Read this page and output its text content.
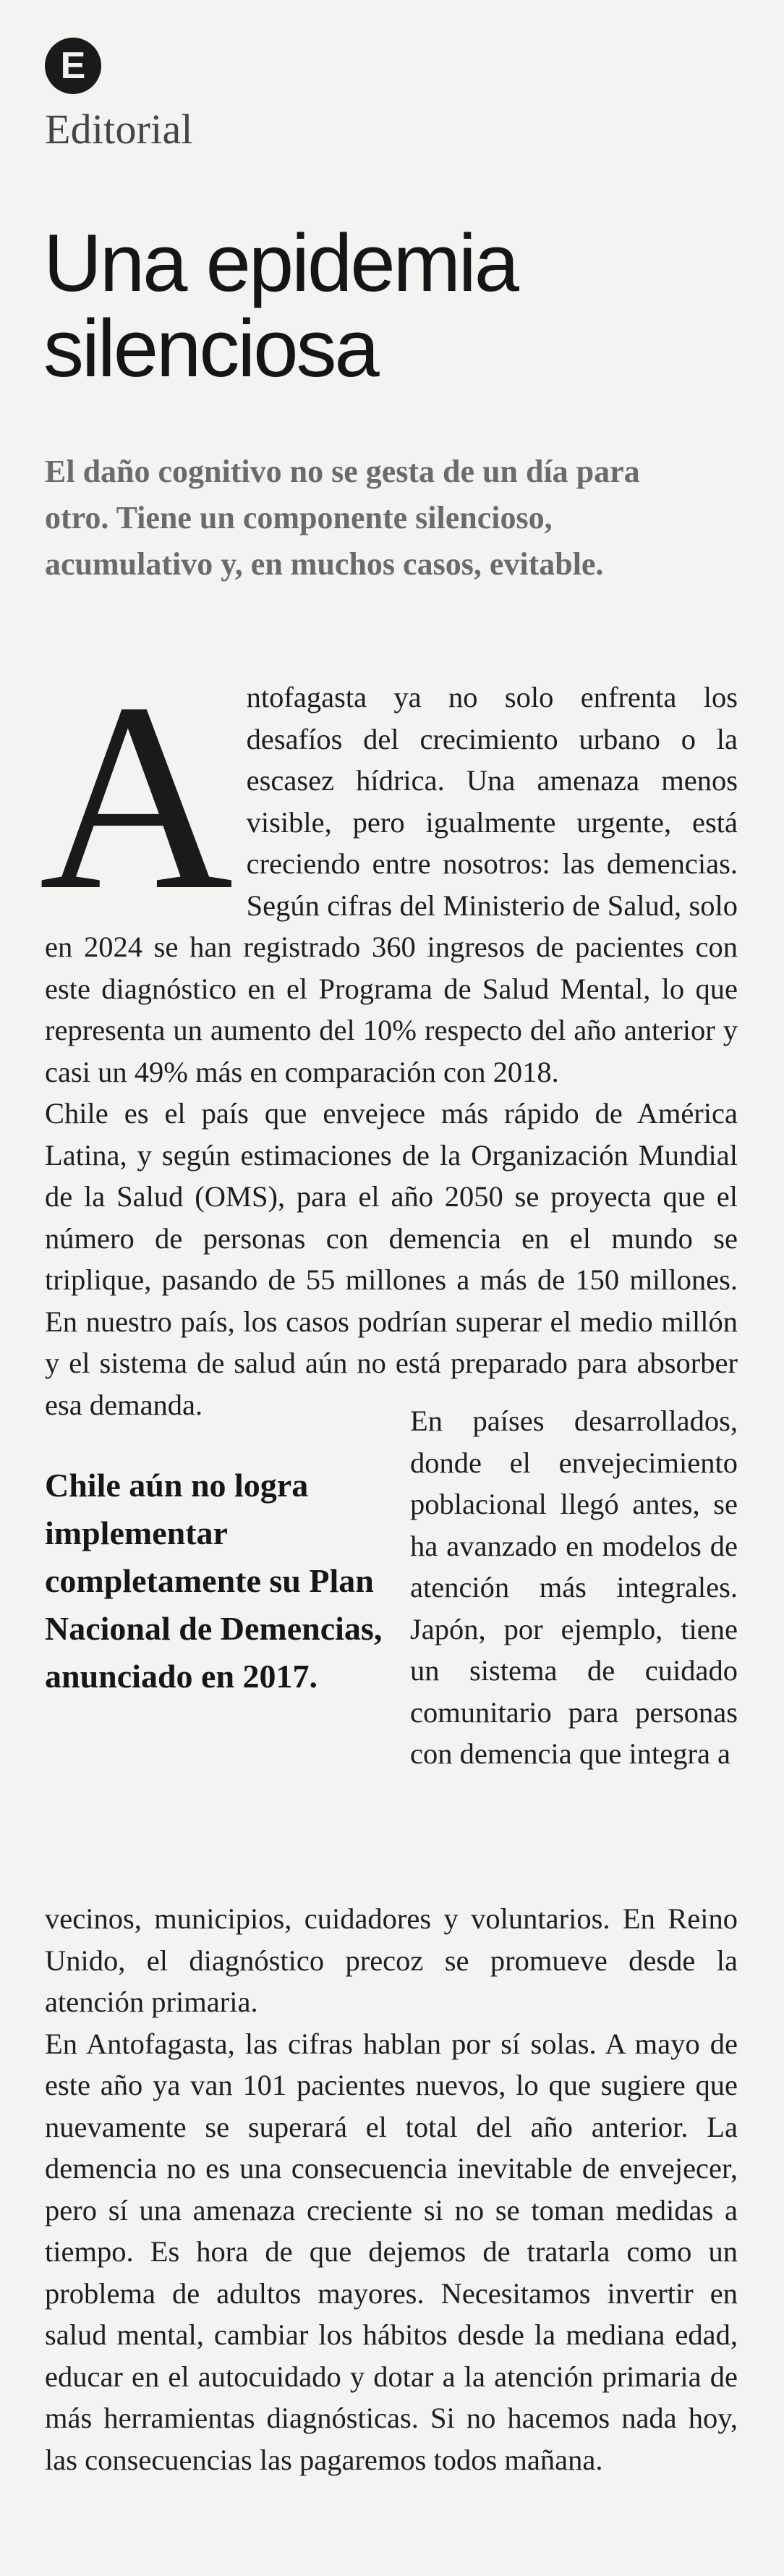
E
Editorial
Una epidemia silenciosa

El daño cognitivo no se gesta de un día para otro. Tiene un componente silencioso, acumulativo y, en muchos casos, evitable.

Antofagasta ya no solo enfrenta los desafíos del crecimiento urbano o la escasez hídrica. Una amenaza menos visible, pero igualmente urgente, está creciendo entre nosotros: las demencias. Según cifras del Ministerio de Salud, solo en 2024 se han registrado 360 ingresos de pacientes con este diagnóstico en el Programa de Salud Mental, lo que representa un aumento del 10% respecto del año anterior y casi un 49% más en comparación con 2018.

Chile es el país que envejece más rápido de América Latina, y según estimaciones de la Organización Mundial de la Salud (OMS), para el año 2050 se proyecta que el número de personas con demencia en el mundo se triplique, pasando de 55 millones a más de 150 millones. En nuestro país, los casos podrían superar el medio millón y el sistema de salud aún no está preparado para absorber esa demanda.

Chile aún no logra implementar completamente su Plan Nacional de Demencias, anunciado en 2017.

En países desarrollados, donde el envejecimiento poblacional llegó antes, se ha avanzado en modelos de atención más integrales. Japón, por ejemplo, tiene un sistema de cuidado comunitario para personas con demencia que integra a

vecinos, municipios, cuidadores y voluntarios. En Reino Unido, el diagnóstico precoz se promueve desde la atención primaria.

En Antofagasta, las cifras hablan por sí solas. A mayo de este año ya van 101 pacientes nuevos, lo que sugiere que nuevamente se superará el total del año anterior. La demencia no es una consecuencia inevitable de envejecer, pero sí una amenaza creciente si no se toman medidas a tiempo. Es hora de que dejemos de tratarla como un problema de adultos mayores. Necesitamos invertir en salud mental, cambiar los hábitos desde la mediana edad, educar en el autocuidado y dotar a la atención primaria de más herramientas diagnósticas. Si no hacemos nada hoy, las consecuencias las pagaremos todos mañana.
